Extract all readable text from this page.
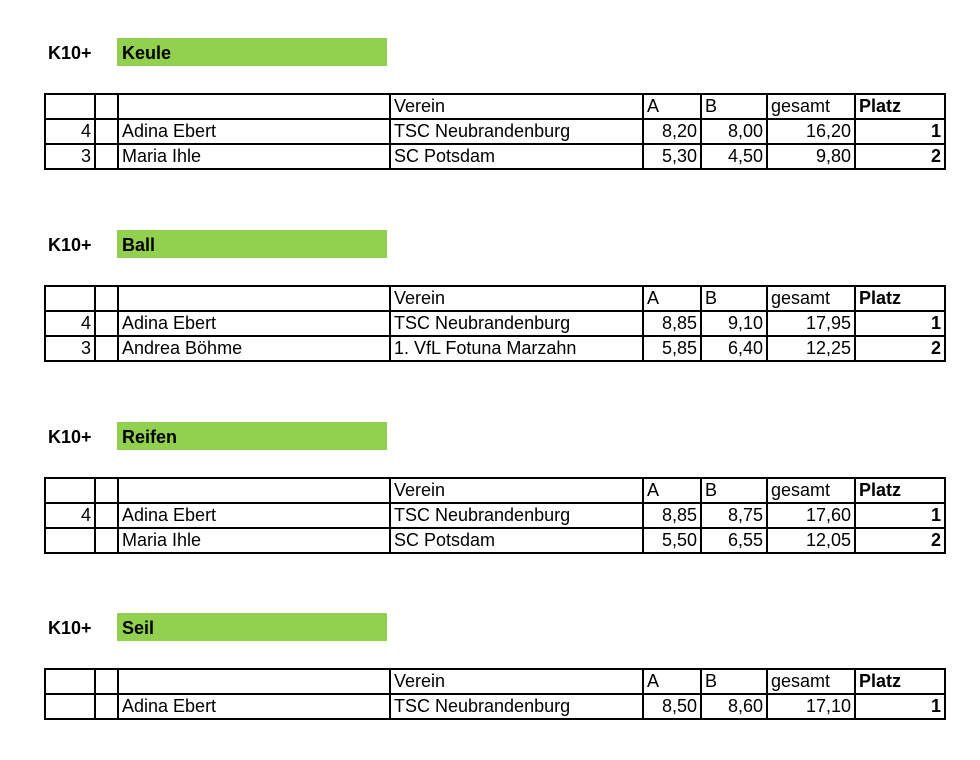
K10+ Keule
			Verein	A	B	gesamt	Platz
4		Adina Ebert	TSC Neubrandenburg	8,20	8,00	16,20	1
3		Maria Ihle	SC Potsdam	5,30	4,50	9,80	2
K10+ Ball
			Verein	A	B	gesamt	Platz
4		Adina Ebert	TSC Neubrandenburg	8,85	9,10	17,95	1
3		Andrea Böhme	1. VfL Fotuna Marzahn	5,85	6,40	12,25	2
K10+ Reifen
			Verein	A	B	gesamt	Platz
4		Adina Ebert	TSC Neubrandenburg	8,85	8,75	17,60	1
		Maria Ihle	SC Potsdam	5,50	6,55	12,05	2
K10+ Seil
			Verein	A	B	gesamt	Platz
		Adina Ebert	TSC Neubrandenburg	8,50	8,60	17,10	1
